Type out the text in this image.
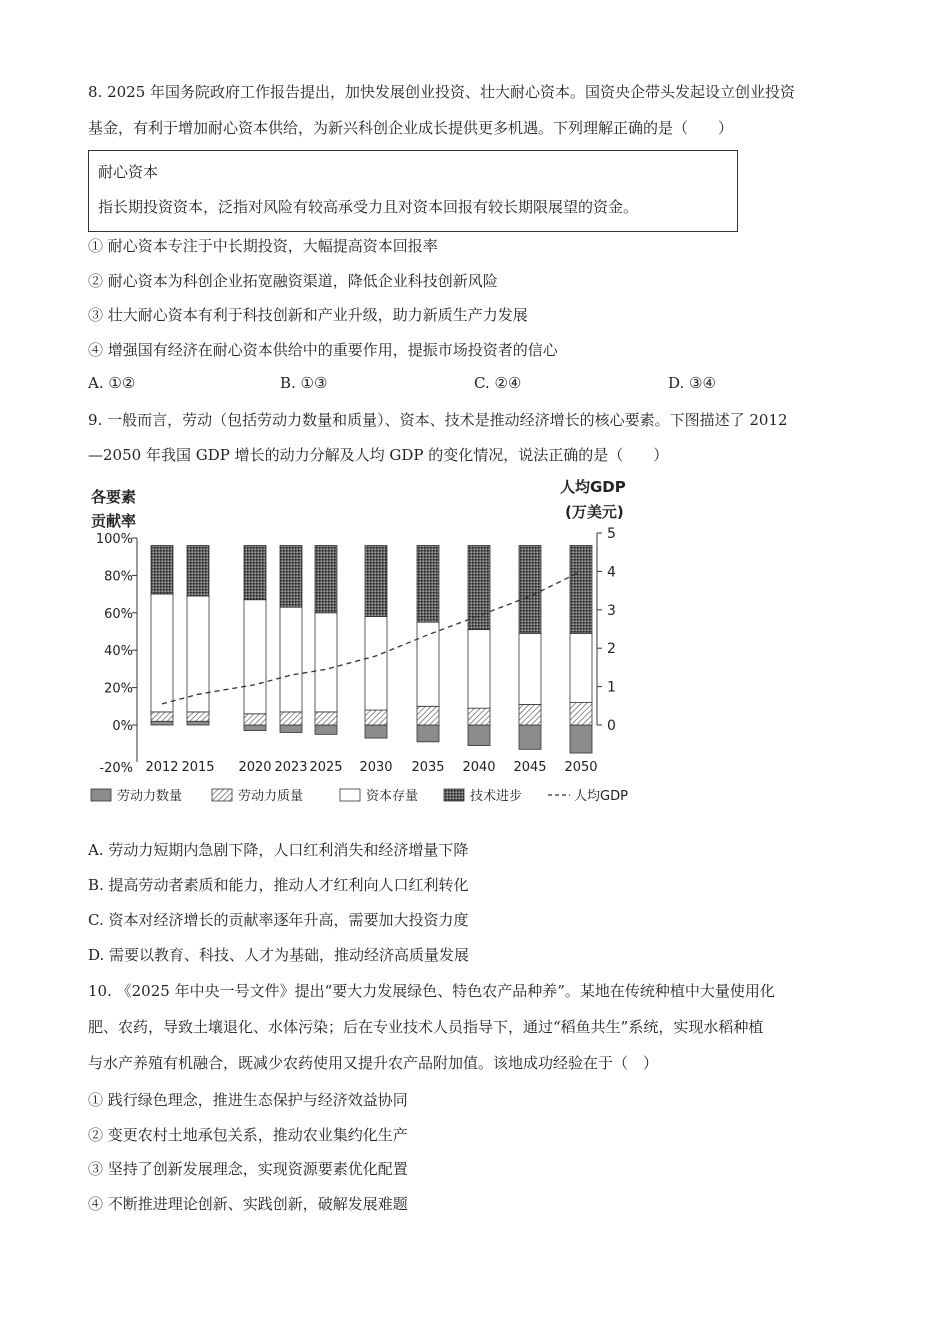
8. 2025 年国务院政府工作报告提出，加快发展创业投资、壮大耐心资本。国资央企带头发起设立创业投资
基金，有利于增加耐心资本供给，为新兴科创企业成长提供更多机遇。下列理解正确的是（　　）
耐心资本
指长期投资资本，泛指对风险有较高承受力且对资本回报有较长期限展望的资金。
① 耐心资本专注于中长期投资，大幅提高资本回报率
② 耐心资本为科创企业拓宽融资渠道，降低企业科技创新风险
③ 壮大耐心资本有利于科技创新和产业升级，助力新质生产力发展
④ 增强国有经济在耐心资本供给中的重要作用，提振市场投资者的信心
A. ①②	B. ①③	C. ②④	D. ③④
9. 一般而言，劳动（包括劳动力数量和质量）、资本、技术是推动经济增长的核心要素。下图描述了 2012
—2050 年我国 GDP 增长的动力分解及人均 GDP 的变化情况，说法正确的是（　　）
各要素
贡献率
人均GDP
(万美元)
100%
80%
60%
40%
20%
0%
-20%
5
4
3
2
1
0
2012 2015 2020 2023 2025 2030 2035 2040 2045 2050
劳动力数量	劳动力质量	资本存量	技术进步	人均GDP
A. 劳动力短期内急剧下降，人口红利消失和经济增量下降
B. 提高劳动者素质和能力，推动人才红利向人口红利转化
C. 资本对经济增长的贡献率逐年升高，需要加大投资力度
D. 需要以教育、科技、人才为基础，推动经济高质量发展
10. 《2025 年中央一号文件》提出“要大力发展绿色、特色农产品种养”。某地在传统种植中大量使用化
肥、农药，导致土壤退化、水体污染；后在专业技术人员指导下，通过“稻鱼共生”系统，实现水稻种植
与水产养殖有机融合，既减少农药使用又提升农产品附加值。该地成功经验在于（　）
① 践行绿色理念，推进生态保护与经济效益协同
② 变更农村土地承包关系，推动农业集约化生产
③ 坚持了创新发展理念，实现资源要素优化配置
④ 不断推进理论创新、实践创新，破解发展难题
